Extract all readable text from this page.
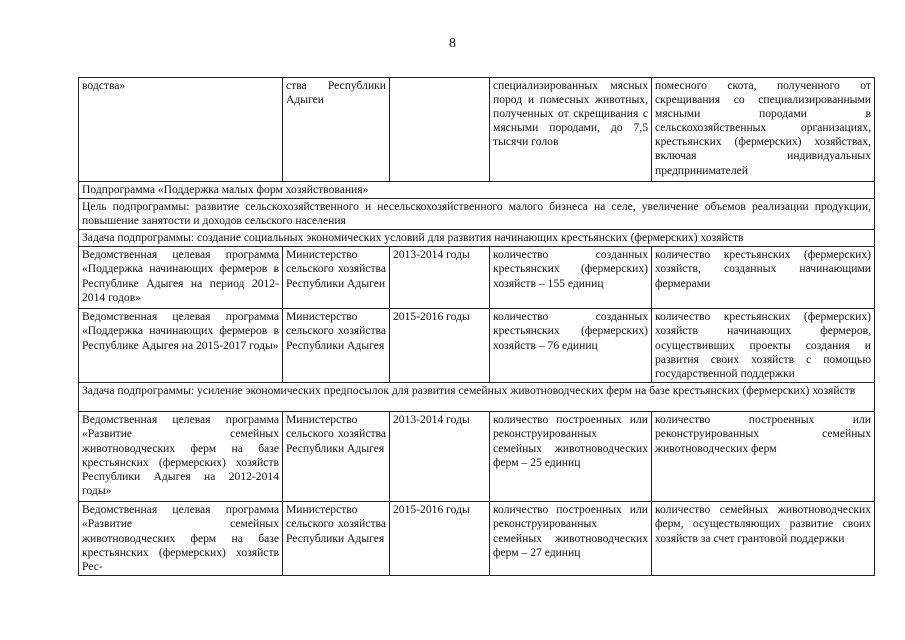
8
водства»	ства Республики Адыгеи		специализированных мясных пород и помесных животных, полученных от скрещивания с мясными породами, до 7,5 тысячи голов	помесного скота, полученного от скрещивания со специализированными мясными породами в сельскохозяйственных организациях, крестьянских (фермерских) хозяйствах, включая индивидуальных предпринимателей
Подпрограмма «Поддержка малых форм хозяйствования»				
Цель подпрограммы: развитие сельскохозяйственного и несельскохозяйственного малого бизнеса на селе, увеличение объемов реализации продукции, повышение занятости и доходов сельского населения				
Задача подпрограммы: создание социальных экономических условий для развития начинающих крестьянских (фермерских) хозяйств				
Ведомственная целевая программа «Поддержка начинающих фермеров в Республике Адыгея на период 2012-2014 годов»	Министерство сельского хозяйства Республики Адыгеи	2013-2014 годы	количество созданных крестьянских (фермерских) хозяйств – 155 единиц	количество крестьянских (фермерских) хозяйств, созданных начинающими фермерами
Ведомственная целевая программа «Поддержка начинающих фермеров в Республике Адыгея на 2015-2017 годы»	Министерство сельского хозяйства Республики Адыгея	2015-2016 годы	количество созданных крестьянских (фермерских) хозяйств – 76 единиц	количество крестьянских (фермерских) хозяйств начинающих фермеров, осуществивших проекты создания и развития своих хозяйств с помощью государственной поддержки
Задача подпрограммы: усиление экономических предпосылок для развития семейных животноводческих ферм на базе крестьянских (фермерских) хозяйств				
Ведомственная целевая программа «Развитие семейных животноводческих ферм на базе крестьянских (фермерских) хозяйств Республики Адыгея на 2012-2014 годы»	Министерство сельского хозяйства Республики Адыгея	2013-2014 годы	количество построенных или реконструированных семейных животноводческих ферм – 25 единиц	количество построенных или реконструированных семейных животноводческих ферм
Ведомственная целевая программа «Развитие семейных животноводческих ферм на базе крестьянских (фермерских) хозяйств Рес-	Министерство сельского хозяйства Республики Адыгея	2015-2016 годы	количество построенных или реконструированных семейных животноводческих ферм – 27 единиц	количество семейных животноводческих ферм, осуществляющих развитие своих хозяйств за счет грантовой поддержки
